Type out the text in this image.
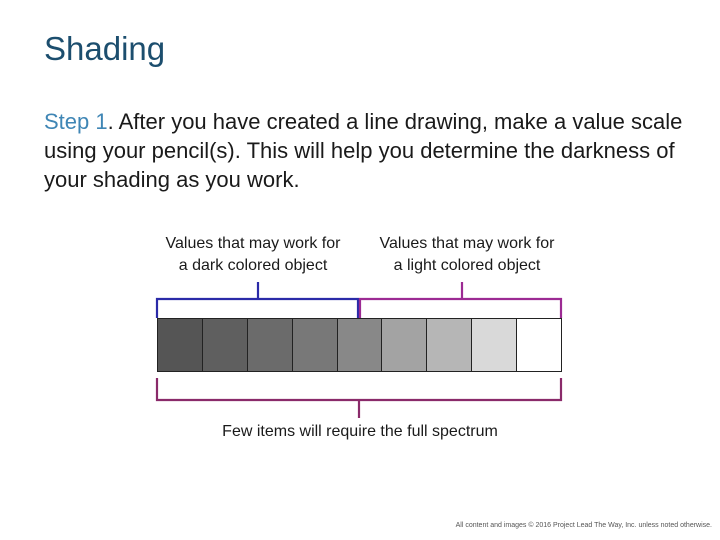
Shading
Step 1. After you have created a line drawing, make a value scale using your pencil(s). This will help you determine the darkness of your shading as you work.
Values that may work for
a dark colored object
Values that may work for
a light colored object
Few items will require the full spectrum
All content and images © 2016 Project Lead The Way, Inc. unless noted otherwise.
